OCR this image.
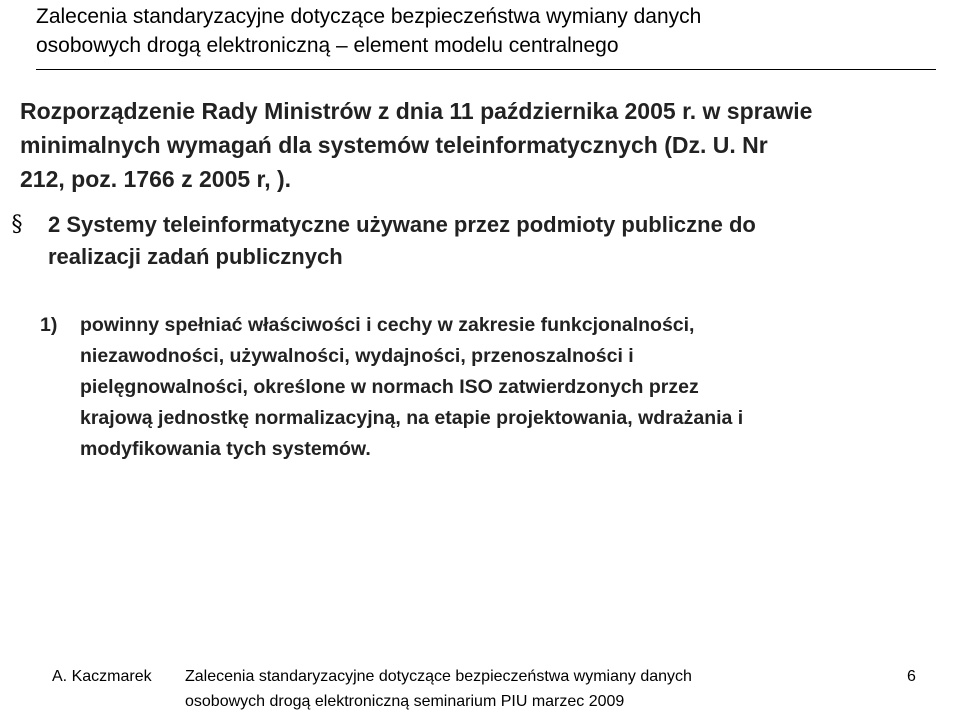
Zalecenia standaryzacyjne dotyczące bezpieczeństwa wymiany danych
osobowych drogą elektroniczną – element modelu centralnego
Rozporządzenie Rady Ministrów z dnia 11 października 2005 r. w sprawie
minimalnych wymagań dla systemów teleinformatycznych (Dz. U. Nr
212, poz. 1766 z 2005 r, ).
§	2 Systemy teleinformatyczne używane przez podmioty publiczne do
realizacji zadań publicznych
1)	powinny spełniać właściwości i cechy w zakresie funkcjonalności,
niezawodności, używalności, wydajności, przenoszalności i
pielęgnowalności, określone w normach ISO zatwierdzonych przez
krajową jednostkę normalizacyjną, na etapie projektowania, wdrażania i
modyfikowania tych systemów.
A. Kaczmarek Zalecenia standaryzacyjne dotyczące bezpieczeństwa wymiany danych
osobowych drogą elektroniczną seminarium PIU marzec 2009
6
